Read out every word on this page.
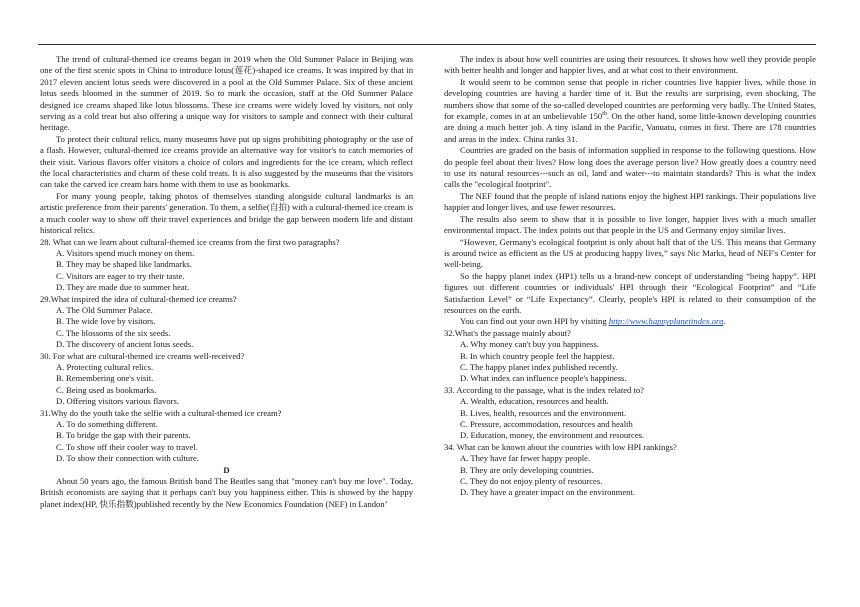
The trend of cultural-themed ice creams began in 2019 when the Old Summer Palace in Beijing was one of the first scenic spots in China to introduce lotus(莲花)-shaped ice creams. It was inspired by that in 2017 eleven ancient lotus seeds were discovered in a pool at the Old Summer Palace. Six of these ancient lotus seeds bloomed in the summer of 2019. So to mark the occasion, staff at the Old Summer Palace designed ice creams shaped like lotus blossoms. These ice creams were widely loved by visitors, not only serving as a cold treat but also offering a unique way for visitors to sample and connect with their cultural heritage.

To protect their cultural relics, many museums have put up signs prohibiting photography or the use of a flash. However, cultural-themed ice creams provide an alternative way for visitor's to catch memories of their visit. Various flavors offer visitors a choice of colors and ingredients for the ice cream, which reflect the local characteristics and charm of these cold treats. It is also suggested by the museums that the visitors can take the carved ice cream bars home with them to use as bookmarks.

For many young people, taking photos of themselves standing alongside cultural landmarks is an artistic preference from their parents' generation. To them, a selfie(自拍) with a cultural-themed ice cream is a much cooler way to show off their travel experiences and bridge the gap between modern life and distant historical relics.

28. What can we learn about cultural-themed ice creams from the first two paragraphs?

A. Visitors spend much money on them.

B. They may be shaped like landmarks.

C. Visitors are eager to try their taste.

D. They are made due to summer heat.

29.What inspired the idea of cultural-themed ice creams?

A. The Old Summer Palace.

B. The wide love by visitors.

C. The blossoms of the six seeds.

D. The discovery of ancient lotus seeds.

30. For what are cultural-themed ice creams well-received?

A. Protecting cultural relics.

B. Remembering one's visit.

C. Being used as bookmarks.

D. Offering visitors various flavors.

31.Why do the youth take the selfie with a cultural-themed ice cream?

A. To do something different.

B. To bridge the gap with their parents.

C. To show off their cooler way to travel.

D. To show their connection with culture.

D

About 50 years ago, the famous British band The Beatles sang that "money can't buy me love". Today, British economists are saying that it perhaps can't buy you happiness either. This is showed by the happy planet index(HP, 快乐指数)published recently by the New Economics Foundation (NEF) in Landon’

The index is about how well countries are using their resources. It shows how well they provide people with better health and longer and happier lives, and at what cost to their environment.

It would seem to be common sense that people in richer countries live happier lives, while those in developing countries are having a harder time of it. But the results are surprising, even shocking, The numbers show that some of the so-called developed countries are performing very badly. The United States, for example, comes in at an unbelievable 150th. On the other hand, some little-known developing countries are doing a much better job. A tiny island in the Pacific, Vanuatu, comes in first. There are 178 countries and areas in the index. China ranks 31.

Countries are graded on the basis of information supplied in response to the following questions. How do people feel about their lives? How long does the average person live? How greatly does a country need to use its natural resources---such as oil, land and water---to maintain standards? This is what the index calls the "ecological footprint".

The NEF found that the people of island nations enjoy the highest HPI rankings. Their populations live happier and longer lives, and use fewer resources.

The results also seem to show that it is possible to live longer, happier lives with a much smaller environmental impact. The index points out that people in the US and Germany enjoy similar lives.

“However, Germany's ecological footprint is only about half that of the US. This means that Germany is around twice as efficient as the US at producing happy lives,” says Nic Marks, head of NEF's Center for well-being.

So the happy planet index (HP1) tells us a brand-new concept of understanding “being happy”. HPI figures out different countries or individuals' HPI through their “Ecological Footprint” and “Life Satisfaction Level” or “Life Expectancy”. Clearly, people's HPI is related to their consumption of the resources on the earth.

You can find out your own HPI by visiting http://www.happyplanetindex.org.

32.What's the passage mainly about?

A. Why money can't buy you happiness.

B. In which country people feel the happiest.

C. The happy planet index published recently.

D. What index can influence people's happiness.

33. According to the passage, what is the index related to?

A. Wealth, education, resources and health.

B. Lives, health, resources and the environment.

C. Pressure, accommodation, resources and health

D. Education, money, the environment and resources.

34. What can be known about the countries with low HPI rankings?

A. They have far fewer happy people.

B. They are only developing countries.

C. They do not enjoy plenty of resources.

D. They have a greater impact on the environment.
